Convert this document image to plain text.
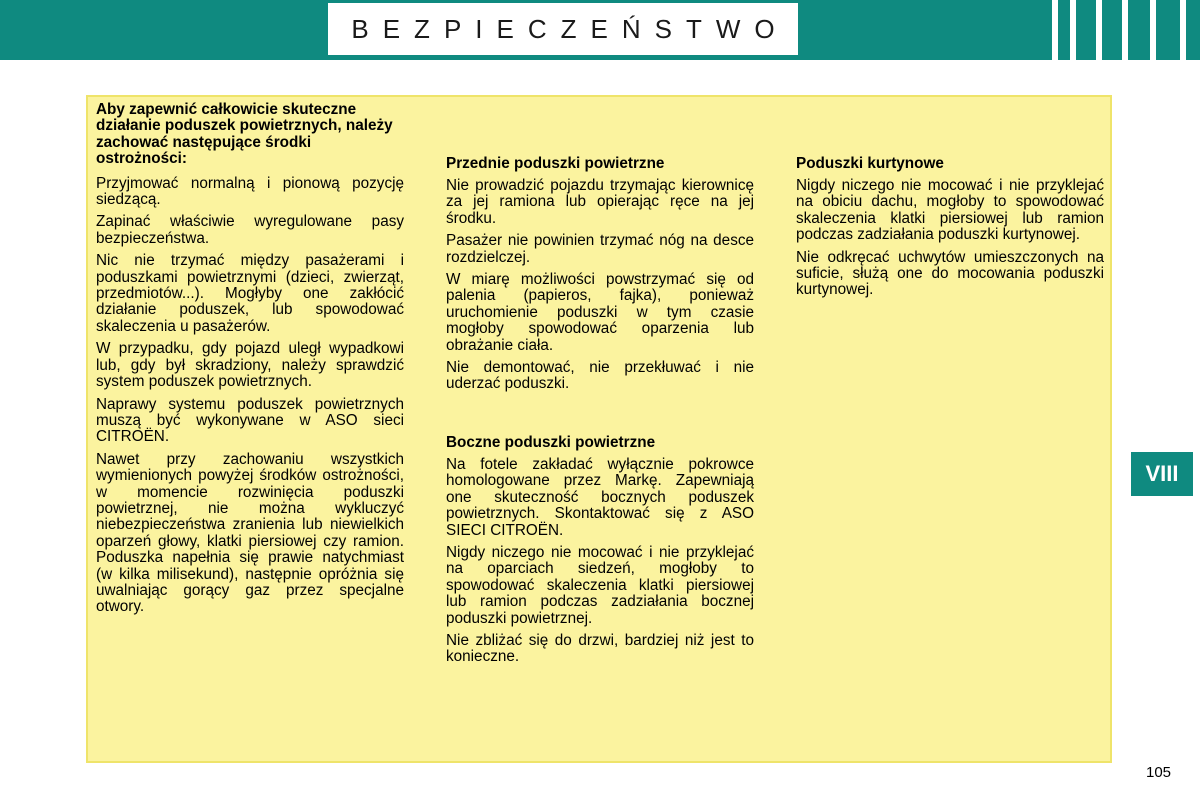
BEZPIECZEŃSTWO

Aby zapewnić całkowicie skuteczne działanie poduszek powietrznych, należy zachować następujące środki ostrożności:

Przyjmować normalną i pionową pozycję siedzącą.

Zapinać właściwie wyregulowane pasy bezpieczeństwa.

Nic nie trzymać między pasażerami i poduszkami powietrznymi (dzieci, zwierząt, przedmiotów...). Mogłyby one zakłócić działanie poduszek, lub spowodować skaleczenia u pasażerów.

W przypadku, gdy pojazd uległ wypadkowi lub, gdy był skradziony, należy sprawdzić system poduszek powietrznych.

Naprawy systemu poduszek powietrznych muszą być wykonywane w ASO sieci CITROËN.

Nawet przy zachowaniu wszystkich wymienionych powyżej środków ostrożności, w momencie rozwinięcia poduszki powietrznej, nie można wykluczyć niebezpieczeństwa zranienia lub niewielkich oparzeń głowy, klatki piersiowej czy ramion. Poduszka napełnia się prawie natychmiast (w kilka milisekund), następnie opróżnia się uwalniając gorący gaz przez specjalne otwory.

Przednie poduszki powietrzne

Nie prowadzić pojazdu trzymając kierownicę za jej ramiona lub opierając ręce na jej środku.

Pasażer nie powinien trzymać nóg na desce rozdzielczej.

W miarę możliwości powstrzymać się od palenia (papieros, fajka), ponieważ uruchomienie poduszki w tym czasie mogłoby spowodować oparzenia lub obrażanie ciała.

Nie demontować, nie przekłuwać i nie uderzać poduszki.

Boczne poduszki powietrzne

Na fotele zakładać wyłącznie pokrowce homologowane przez Markę. Zapewniają one skuteczność bocznych poduszek powietrznych. Skontaktować się z ASO SIECI CITROËN.

Nigdy niczego nie mocować i nie przyklejać na oparciach siedzeń, mogłoby to spowodować skaleczenia klatki piersiowej lub ramion podczas zadziałania bocznej poduszki powietrznej.

Nie zbliżać się do drzwi, bardziej niż jest to konieczne.

Poduszki kurtynowe

Nigdy niczego nie mocować i nie przyklejać na obiciu dachu, mogłoby to spowodować skaleczenia klatki piersiowej lub ramion podczas zadziałania poduszki kurtynowej.

Nie odkręcać uchwytów umieszczonych na suficie, służą one do mocowania poduszki kurtynowej.

VIII
105
